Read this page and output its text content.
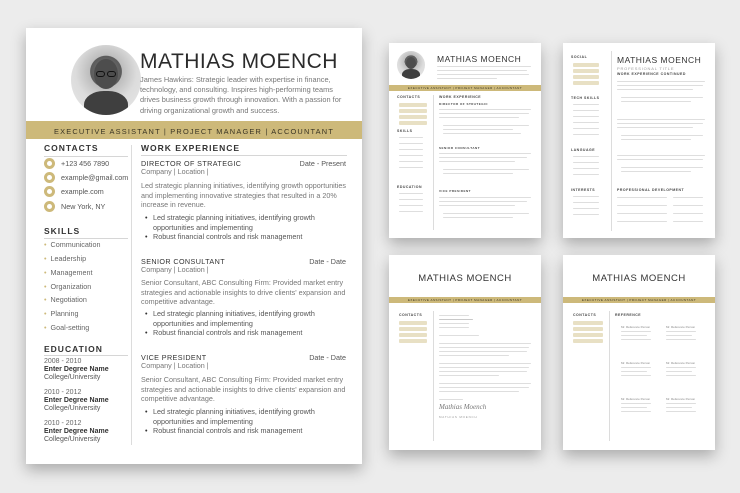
MATHIAS MOENCH
James Hawkins: Strategic leader with expertise in finance, technology, and consulting. Inspires high-performing teams drives business growth through innovation. With a passion for driving organizational growth and success.
EXECUTIVE ASSISTANT | PROJECT MANAGER | ACCOUNTANT
CONTACTS
+123 456 7890
example@gmail.com
example.com
New York, NY
SKILLS
• Communication
• Leadership
• Management
• Organization
• Negotiation
• Planning
• Goal-setting
EDUCATION
2008 - 2010
Enter Degree Name
College/University
2010 - 2012
Enter Degree Name
College/University
2010 - 2012
Enter Degree Name
College/University
WORK EXPERIENCE
DIRECTOR OF STRATEGIC	Date - Present
Company | Location |
Led strategic planning initiatives, identifying growth opportunities and implementing innovative strategies that resulted in a 20% increase in revenue.
• Led strategic planning initiatives, identifying growth opportunities and implementing
• Robust financial controls and risk management
SENIOR CONSULTANT	Date - Date
Company | Location |
Senior Consultant, ABC Consulting Firm: Provided market entry strategies and actionable insights to drive clients' expansion and competitive advantage.
• Led strategic planning initiatives, identifying growth opportunities and implementing
• Robust financial controls and risk management
VICE PRESIDENT	Date - Date
Company | Location |
Senior Consultant, ABC Consulting Firm: Provided market entry strategies and actionable insights to drive clients' expansion and competitive advantage.
• Led strategic planning initiatives, identifying growth opportunities and implementing
• Robust financial controls and risk management
MATHIAS MOENCH
EXECUTIVE ASSISTANT | PROJECT MANAGER | ACCOUNTANT
CONTACTS
SKILLS
EDUCATION
WORK EXPERIENCE
DIRECTOR OF STRATEGIC
SENIOR CONSULTANT
VICE PRESIDENT
MATHIAS MOENCH
PROFESSIONAL TITLE
SOCIAL
TECH SKILLS
LANGUAGE
INTERESTS
WORK EXPERIENCE CONTINUED
PROFESSIONAL DEVELOPMENT
MATHIAS MOENCH
EXECUTIVE ASSISTANT | PROJECT MANAGER | ACCOUNTANT
CONTACTS
Mathias Moench
MATHIAS MOENCH
MATHIAS MOENCH
EXECUTIVE ASSISTANT | PROJECT MANAGER | ACCOUNTANT
CONTACTS	REFERENCE
Mr. Reference Person	Mr. Reference Person
Mr. Reference Person	Mr. Reference Person
Mr. Reference Person	Mr. Reference Person
